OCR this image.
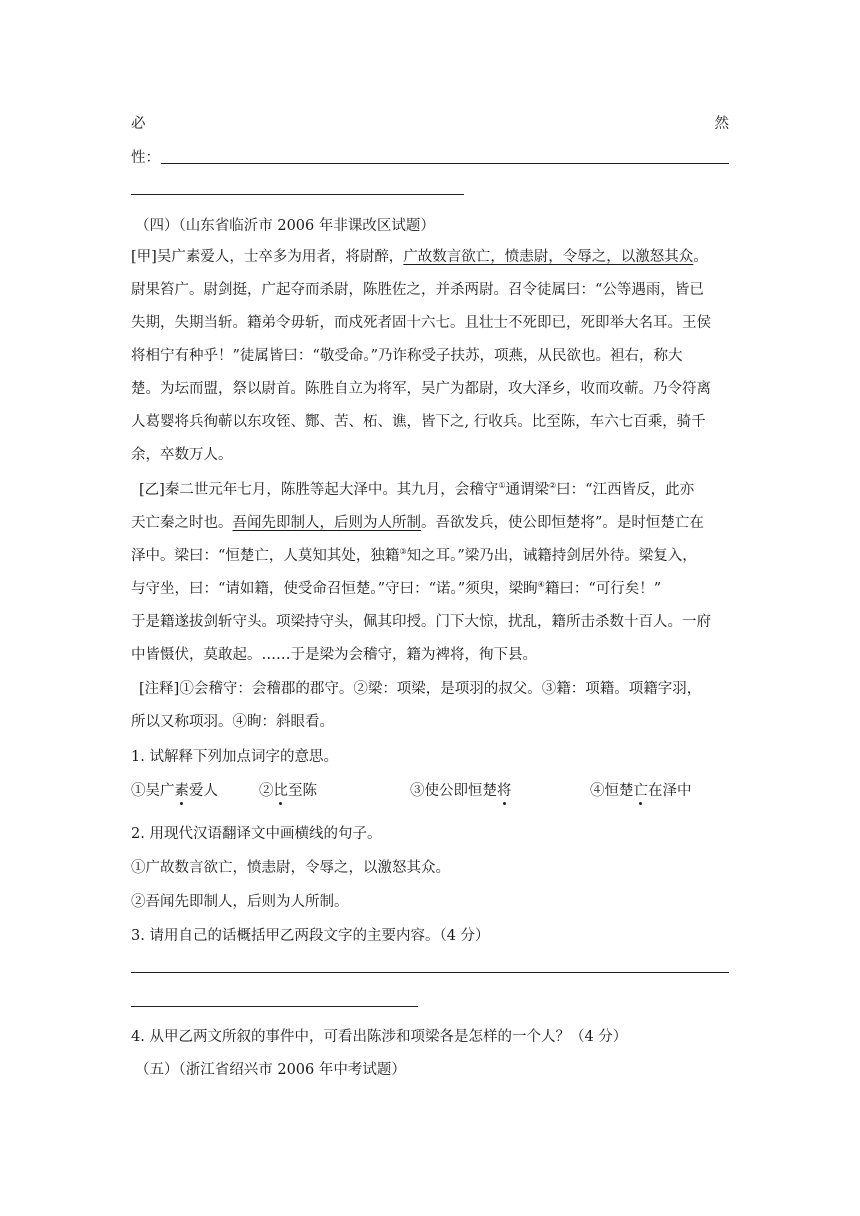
必	然
性：
（四）（山东省临沂市 2006 年非课改区试题）
[甲]吴广素爱人，士卒多为用者，将尉醉，广故数言欲亡，愤恚尉，令辱之，以激怒其众。
尉果笞广。尉剑挺，广起夺而杀尉，陈胜佐之，并杀两尉。召令徒属曰：“公等遇雨，皆已
失期，失期当斩。籍弟令毋斩，而戍死者固十六七。且壮士不死即已，死即举大名耳。王侯
将相宁有种乎！”徒属皆曰：“敬受命。”乃诈称受子扶苏，项燕，从民欲也。袒右，称大
楚。为坛而盟，祭以尉首。陈胜自立为将军，吴广为都尉，攻大泽乡，收而攻蕲。乃令符离
人葛婴将兵徇蕲以东攻铚、酂、苦、柘、谯，皆下之, 行收兵。比至陈，车六七百乘，骑千
余，卒数万人。
[乙]秦二世元年七月，陈胜等起大泽中。其九月，会稽守①通谓梁②曰：“江西皆反，此亦
天亡秦之时也。吾闻先即制人，后则为人所制。吾欲发兵，使公即恒楚将”。是时恒楚亡在
泽中。梁曰：“恒楚亡，人莫知其处，独籍③知之耳。”梁乃出，诫籍持剑居外待。梁复入，
与守坐，曰：“请如籍，使受命召恒楚。”守曰：“诺。”须臾，梁眴④籍曰：“可行矣！”
于是籍遂拔剑斩守头。项梁持守头，佩其印授。门下大惊，扰乱，籍所击杀数十百人。一府
中皆慑伏，莫敢起。……于是梁为会稽守，籍为裨将，徇下县。
[注释]①会稽守：会稽郡的郡守。②梁：项梁，是项羽的叔父。③籍：项籍。项籍字羽，
所以又称项羽。④眴：斜眼看。
1. 试解释下列加点词字的意思。
①吴广素爱人	②比至陈	③使公即恒楚将	④恒楚亡在泽中
2. 用现代汉语翻译文中画横线的句子。
①广故数言欲亡，愤恚尉，令辱之，以激怒其众。
②吾闻先即制人，后则为人所制。
3. 请用自己的话概括甲乙两段文字的主要内容。（4 分）
4. 从甲乙两文所叙的事件中，可看出陈涉和项梁各是怎样的一个人？（4 分）
（五）（浙江省绍兴市 2006 年中考试题）
